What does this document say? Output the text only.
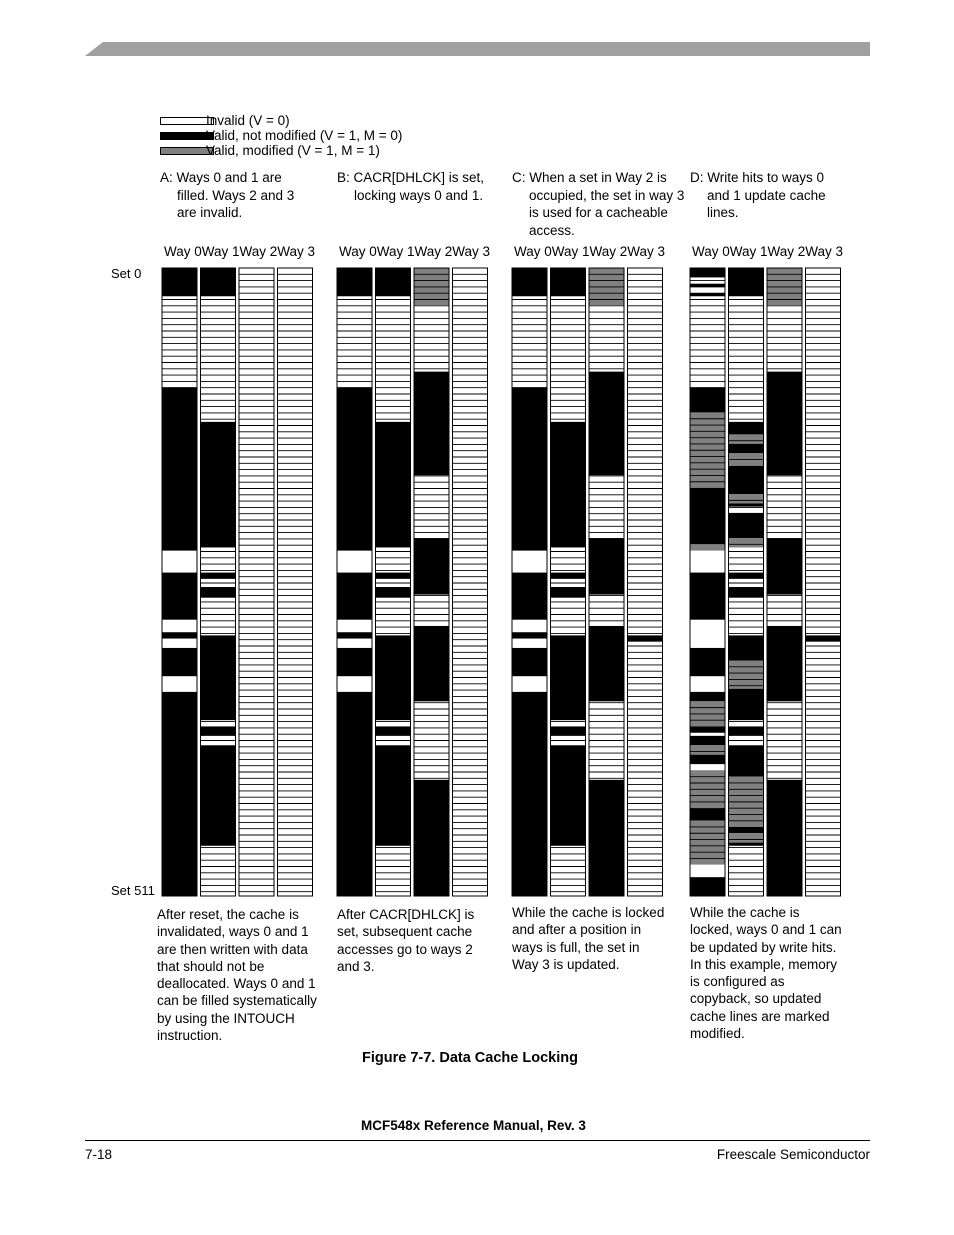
Invalid (V = 0)
Valid, not modified (V = 1, M = 0)
Valid, modified (V = 1, M = 1)
A: Ways 0 and 1 are
filled. Ways 2 and 3
are invalid.
B: CACR[DHLCK] is set,
locking ways 0 and 1.
C: When a set in Way 2 is
occupied, the set in way 3
is used for a cacheable
access.
D: Write hits to ways 0
and 1 update cache
lines.
Way 0Way 1Way 2Way 3 Way 0Way 1Way 2Way 3 Way 0Way 1Way 2Way 3 Way 0Way 1Way 2Way 3
Set 0
Set 511
After reset, the cache is
invalidated, ways 0 and 1
are then written with data
that should not be
deallocated. Ways 0 and 1
can be filled systematically
by using the INTOUCH
instruction.
After CACR[DHLCK] is
set, subsequent cache
accesses go to ways 2
and 3.
While the cache is locked
and after a position in
ways is full, the set in
Way 3 is updated.
While the cache is
locked, ways 0 and 1 can
be updated by write hits.
In this example, memory
is configured as
copyback, so updated
cache lines are marked
modified.
Figure 7-7. Data Cache Locking
MCF548x Reference Manual, Rev. 3
7-18	Freescale Semiconductor
